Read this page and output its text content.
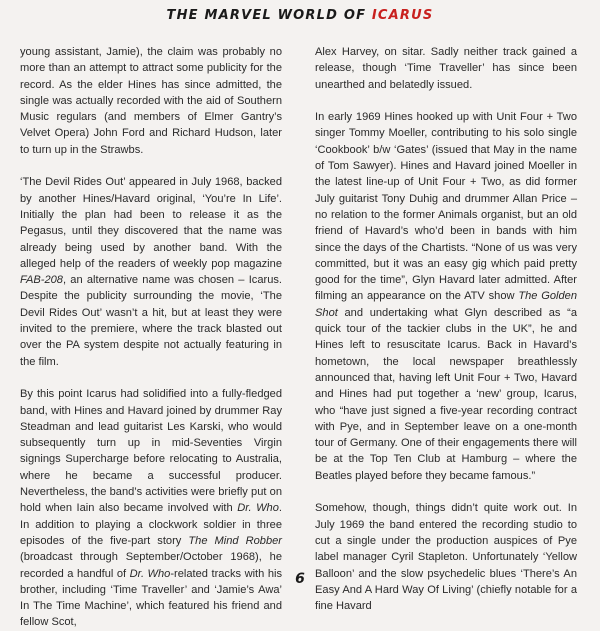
THE MARVEL WORLD OF ICARUS

young assistant, Jamie), the claim was probably no more than an attempt to attract some publicity for the record. As the elder Hines has since admitted, the single was actually recorded with the aid of Southern Music regulars (and members of Elmer Gantry’s Velvet Opera) John Ford and Richard Hudson, later to turn up in the Strawbs.

‘The Devil Rides Out’ appeared in July 1968, backed by another Hines/Havard original, ‘You’re In Life’. Initially the plan had been to release it as the Pegasus, until they discovered that the name was already being used by another band. With the alleged help of the readers of weekly pop magazine FAB-208, an alternative name was chosen – Icarus. Despite the publicity surrounding the movie, ‘The Devil Rides Out’ wasn’t a hit, but at least they were invited to the premiere, where the track blasted out over the PA system despite not actually featuring in the film.

By this point Icarus had solidified into a fully-fledged band, with Hines and Havard joined by drummer Ray Steadman and lead guitarist Les Karski, who would subsequently turn up in mid-Seventies Virgin signings Supercharge before relocating to Australia, where he became a successful producer. Nevertheless, the band’s activities were briefly put on hold when Iain also became involved with Dr. Who. In addition to playing a clockwork soldier in three episodes of the five-part story The Mind Robber (broadcast through September/October 1968), he recorded a handful of Dr. Who-related tracks with his brother, including ‘Time Traveller’ and ‘Jamie’s Awa’ In The Time Machine’, which featured his friend and fellow Scot,

Alex Harvey, on sitar. Sadly neither track gained a release, though ‘Time Traveller’ has since been unearthed and belatedly issued.

In early 1969 Hines hooked up with Unit Four + Two singer Tommy Moeller, contributing to his solo single ‘Cookbook’ b/w ‘Gates’ (issued that May in the name of Tom Sawyer). Hines and Havard joined Moeller in the latest line-up of Unit Four + Two, as did former July guitarist Tony Duhig and drummer Allan Price – no relation to the former Animals organist, but an old friend of Havard’s who’d been in bands with him since the days of the Chartists. “None of us was very committed, but it was an easy gig which paid pretty good for the time”, Glyn Havard later admitted. After filming an appearance on the ATV show The Golden Shot and undertaking what Glyn described as “a quick tour of the tackier clubs in the UK”, he and Hines left to resuscitate Icarus. Back in Havard’s hometown, the local newspaper breathlessly announced that, having left Unit Four + Two, Havard and Hines had put together a ‘new’ group, Icarus, who “have just signed a five-year recording contract with Pye, and in September leave on a one-month tour of Germany. One of their engagements there will be at the Top Ten Club at Hamburg – where the Beatles played before they became famous.”

Somehow, though, things didn’t quite work out. In July 1969 the band entered the recording studio to cut a single under the production auspices of Pye label manager Cyril Stapleton. Unfortunately ‘Yellow Balloon’ and the slow psychedelic blues ‘There’s An Easy And A Hard Way Of Living’ (chiefly notable for a fine Havard

6
